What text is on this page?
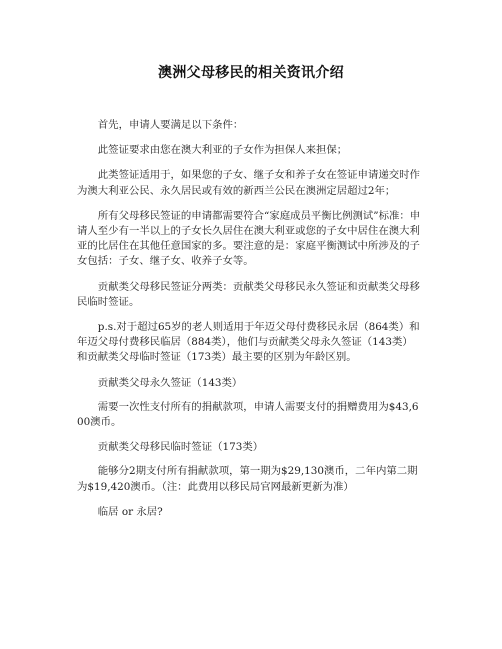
澳洲父母移民的相关资讯介绍

首先，申请人要满足以下条件：

此签证要求由您在澳大利亚的子女作为担保人来担保；

此类签证适用于，如果您的子女、继子女和养子女在签证申请递交时作为澳大利亚公民、永久居民或有效的新西兰公民在澳洲定居超过2年；

所有父母移民签证的申请都需要符合“家庭成员平衡比例测试”标准：申请人至少有一半以上的子女长久居住在澳大利亚或您的子女中居住在澳大利亚的比居住在其他任意国家的多。要注意的是：家庭平衡测试中所涉及的子女包括：子女、继子女、收养子女等。

贡献类父母移民签证分两类：贡献类父母移民永久签证和贡献类父母移民临时签证。

p.s.对于超过65岁的老人则适用于年迈父母付费移民永居（864类）和年迈父母付费移民临居（884类），他们与贡献类父母永久签证（143类）和贡献类父母临时签证（173类）最主要的区别为年龄区别。

贡献类父母永久签证（143类）

需要一次性支付所有的捐献款项，申请人需要支付的捐赠费用为$43,600澳币。

贡献类父母移民临时签证（173类）

能够分2期支付所有捐献款项，第一期为$29,130澳币，二年内第二期为$19,420澳币。（注：此费用以移民局官网最新更新为准）

临居 or 永居?
